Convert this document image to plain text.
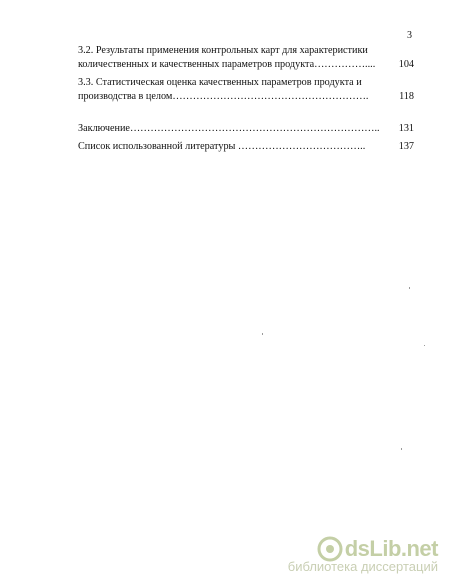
3
3.2. Результаты применения контрольных карт для характеристики
количественных и качественных параметров продукта……………....	104
3.3. Статистическая оценка качественных параметров продукта и
производства в целом………………………………………………….	118
Заключение………………………………………………………………..	131
Список использованной литературы ………………………………..	137
dsLib.net
библиотека диссертаций
